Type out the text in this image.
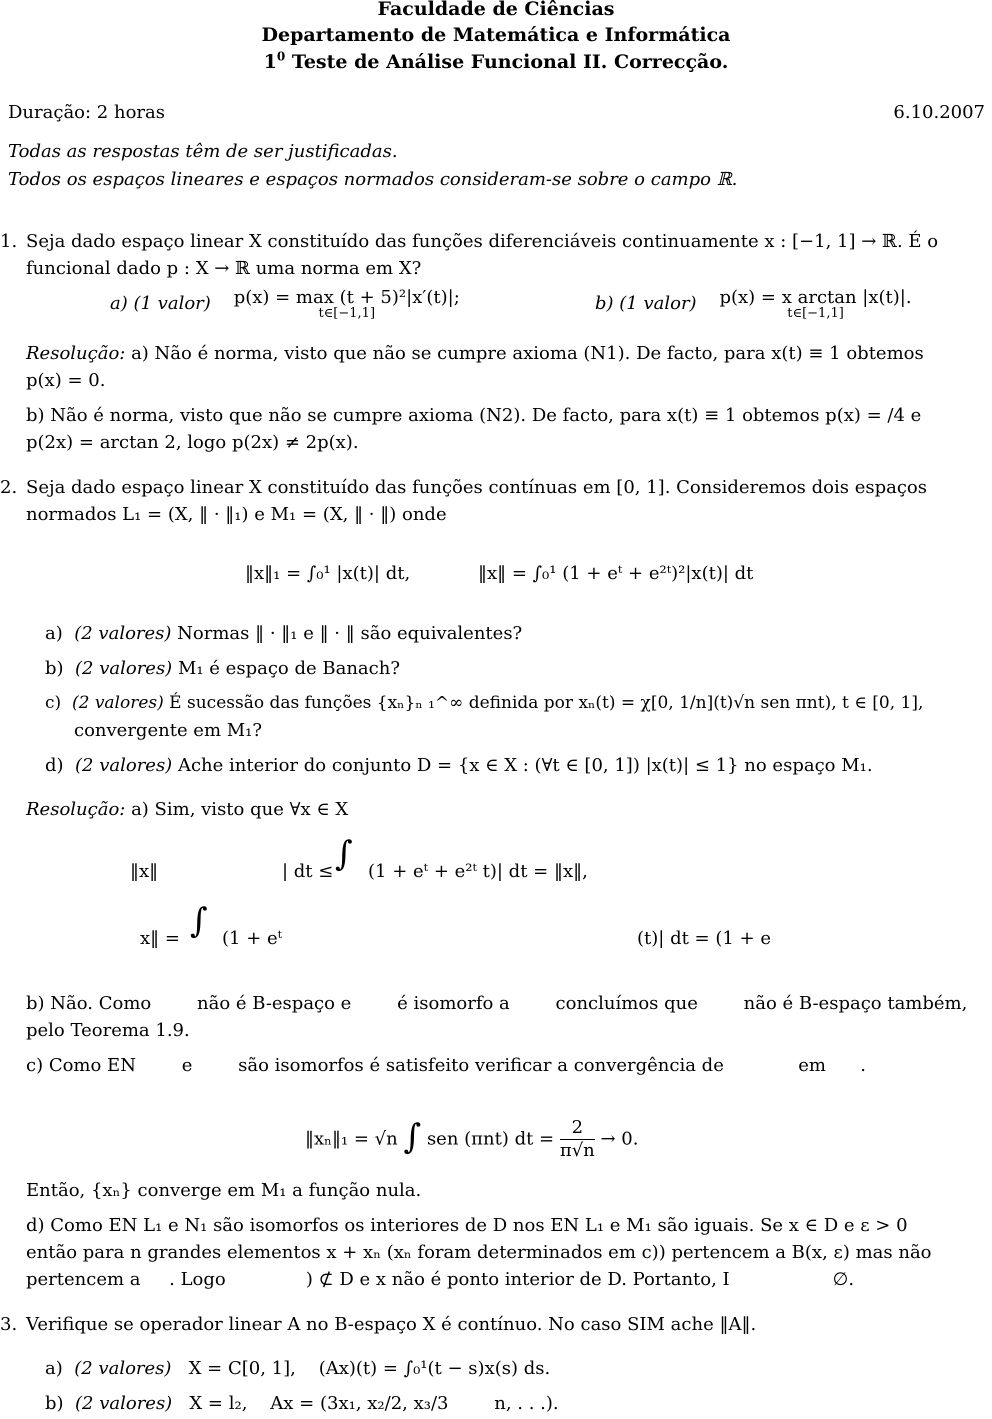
Faculdade de Ciências
Departamento de Matemática e Informática
$1^0$ Teste de Análise Funcional II. Correcção.
Duração: 2 horas	6.10.2007
Todas as respostas têm de ser justificadas.
Todos os espaços lineares e espaços normados consideram-se sobre o campo ℝ.
1. Seja dado espaço linear X constituído das funções diferenciáveis continuamente x : [−1, 1] → ℝ. É o
funcional dado p : X → ℝ uma norma em X?
a) (1 valor) p(x) = max (t + 5)²|x′(t)|;
t∈[−1,1]	b) (1 valor) p(x) = x arctan |x(t)|.
t∈[−1,1]
Resolução: a) Não é norma, visto que não se cumpre axioma (N1). De facto, para x(t) ≡ 1 obtemos
p(x) = 0.
b) Não é norma, visto que não se cumpre axioma (N2). De facto, para x(t) ≡ 1 obtemos p(x) = /4 e
p(2x) = arctan 2, logo p(2x) ≠ 2p(x).
2. Seja dado espaço linear X constituído das funções contínuas em [0, 1]. Consideremos dois espaços
normados L₁ = (X, ‖ · ‖₁) e M₁ = (X, ‖ · ‖) onde
‖x‖₁ = ∫₀¹ |x(t)| dt,	‖x‖ = ∫₀¹ (1 + eᵗ + e²ᵗ)²|x(t)| dt
a) (2 valores) Normas ‖ · ‖₁ e ‖ · ‖ são equivalentes?
b) (2 valores) M₁ é espaço de Banach?
c) (2 valores) É sucessão das funções {xₙ}ₙ ₁^∞ definida por xₙ(t) = χ[0, 1/n](t)√n sen πnt), t ∈ [0, 1],
convergente em M₁?
d) (2 valores) Ache interior do conjunto D = {x ∈ X : (∀t ∈ [0, 1]) |x(t)| ≤ 1} no espaço M₁.
Resolução: a) Sim, visto que ∀x ∈ X
‖x‖	| dt ≤ ∫ (1 + eᵗ + e²ᵗ t)| dt = ‖x‖,
x‖ = ∫ (1 + eᵗ	(t)| dt = (1 + e
b) Não. Como        não é B-espaço e        é isomorfo a        concluímos que        não é B-espaço também,
pelo Teorema 1.9.
c) Como EN        e        são isomorfos é satisfeito verificar a convergência de             em      .
‖xₙ‖₁ = √n ∫ sen (πnt) dt = $\frac{2}{\pi√n} \to 0$.
Então, {xₙ} converge em M₁ a função nula.
d) Como EN L₁ e N₁ são isomorfos os interiores de D nos EN L₁ e M₁ são iguais. Se x ∈ D e ε > 0
então para n grandes elementos x + xₙ (xₙ foram determinados em c)) pertencem a B(x, ε) mas não
pertencem a     . Logo              ) ⊄ D e x não é ponto interior de D. Portanto, I                  ∅.
3. Verifique se operador linear A no B-espaço X é contínuo. No caso SIM ache ‖A‖.
a) (2 valores)   X = C[0, 1],    (Ax)(t) = ∫₀¹(t − s)x(s) ds.
b) (2 valores)   X = l₂,    Ax = (3x₁, x₂/2, x₃/3        n, . . .).
